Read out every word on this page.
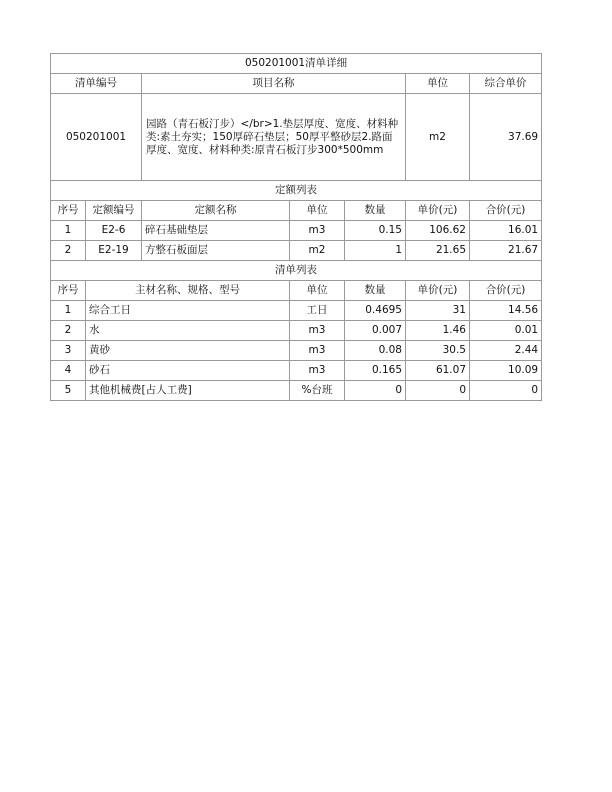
050201001清单详细						
清单编号		项目名称			单位	综合单价
050201001		园路（青石板汀步）</br>1.垫层厚度、宽度、材料种类:素土夯实；150厚碎石垫层；50厚平整砂层2.路面厚度、宽度、材料种类:原青石板汀步300*500mm			m2	37.69
定额列表						
序号	定额编号	定额名称	单位	数量	单价(元)	合价(元)
1	E2-6	碎石基础垫层	m3	0.15	106.62	16.01
2	E2-19	方整石板面层	m2	1	21.65	21.67
清单列表						
序号	主材名称、规格、型号		单位	数量	单价(元)	合价(元)
1	综合工日		工日	0.4695	31	14.56
2	水		m3	0.007	1.46	0.01
3	黄砂		m3	0.08	30.5	2.44
4	砂石		m3	0.165	61.07	10.09
5	其他机械费[占人工费]		%台班	0	0	0
